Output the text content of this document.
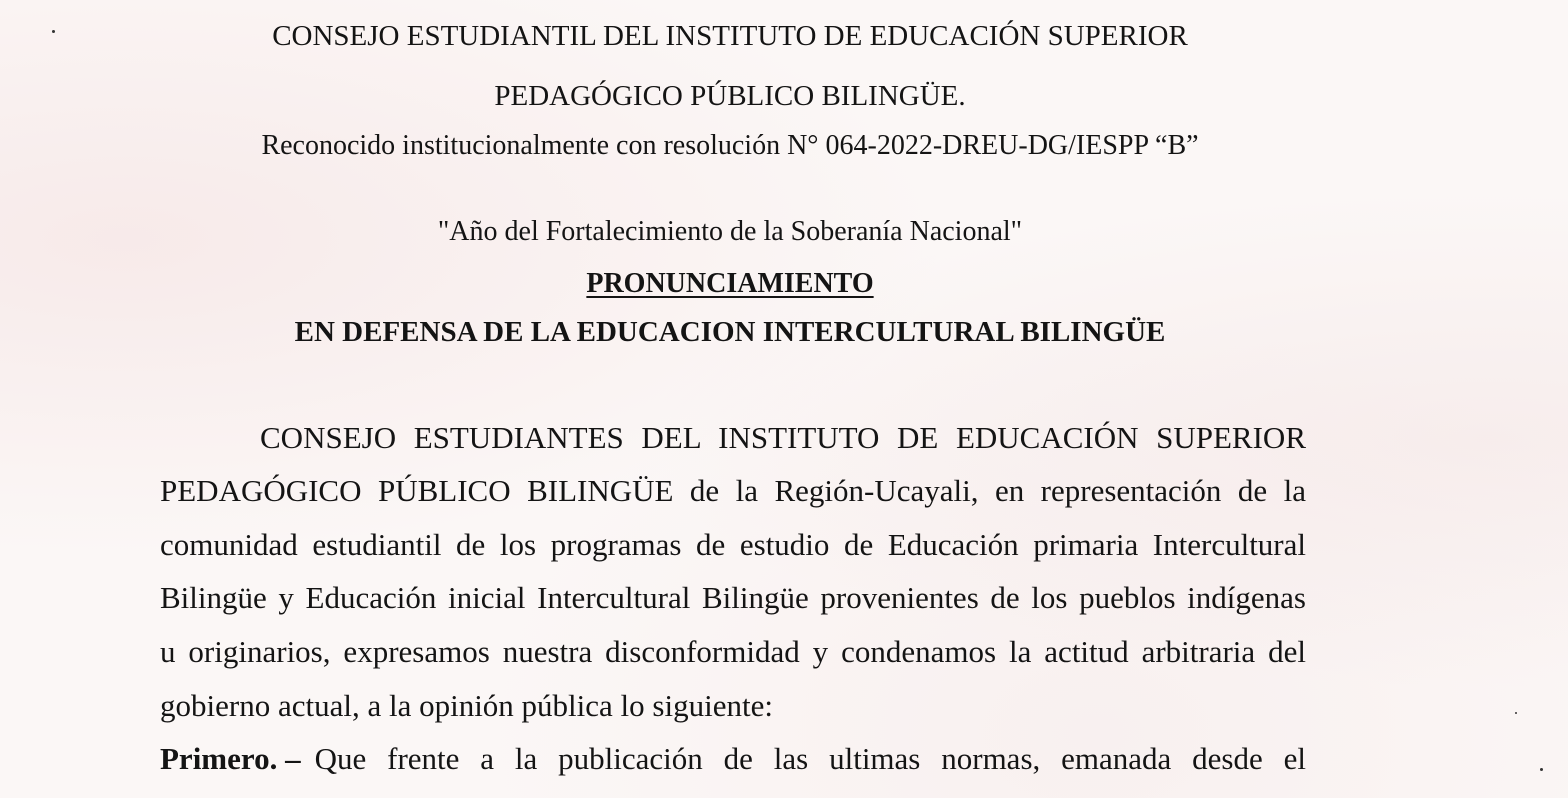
CONSEJO ESTUDIANTIL DEL INSTITUTO DE EDUCACIÓN SUPERIOR
PEDAGÓGICO PÚBLICO BILINGÜE.
Reconocido institucionalmente con resolución N° 064-2022-DREU-DG/IESPP “B”
"Año del Fortalecimiento de la Soberanía Nacional"
PRONUNCIAMIENTO
EN DEFENSA DE LA EDUCACION INTERCULTURAL BILINGÜE
CONSEJO ESTUDIANTES DEL INSTITUTO DE EDUCACIÓN SUPERIOR
PEDAGÓGICO PÚBLICO BILINGÜE de la Región-Ucayali, en representación de la
comunidad estudiantil de los programas de estudio de Educación primaria Intercultural
Bilingüe y Educación inicial Intercultural Bilingüe provenientes de los pueblos indígenas
u originarios, expresamos nuestra disconformidad y condenamos la actitud arbitraria del
gobierno actual, a la opinión pública lo siguiente:
Primero. – Que frente a la publicación de las ultimas normas, emanada desde el
